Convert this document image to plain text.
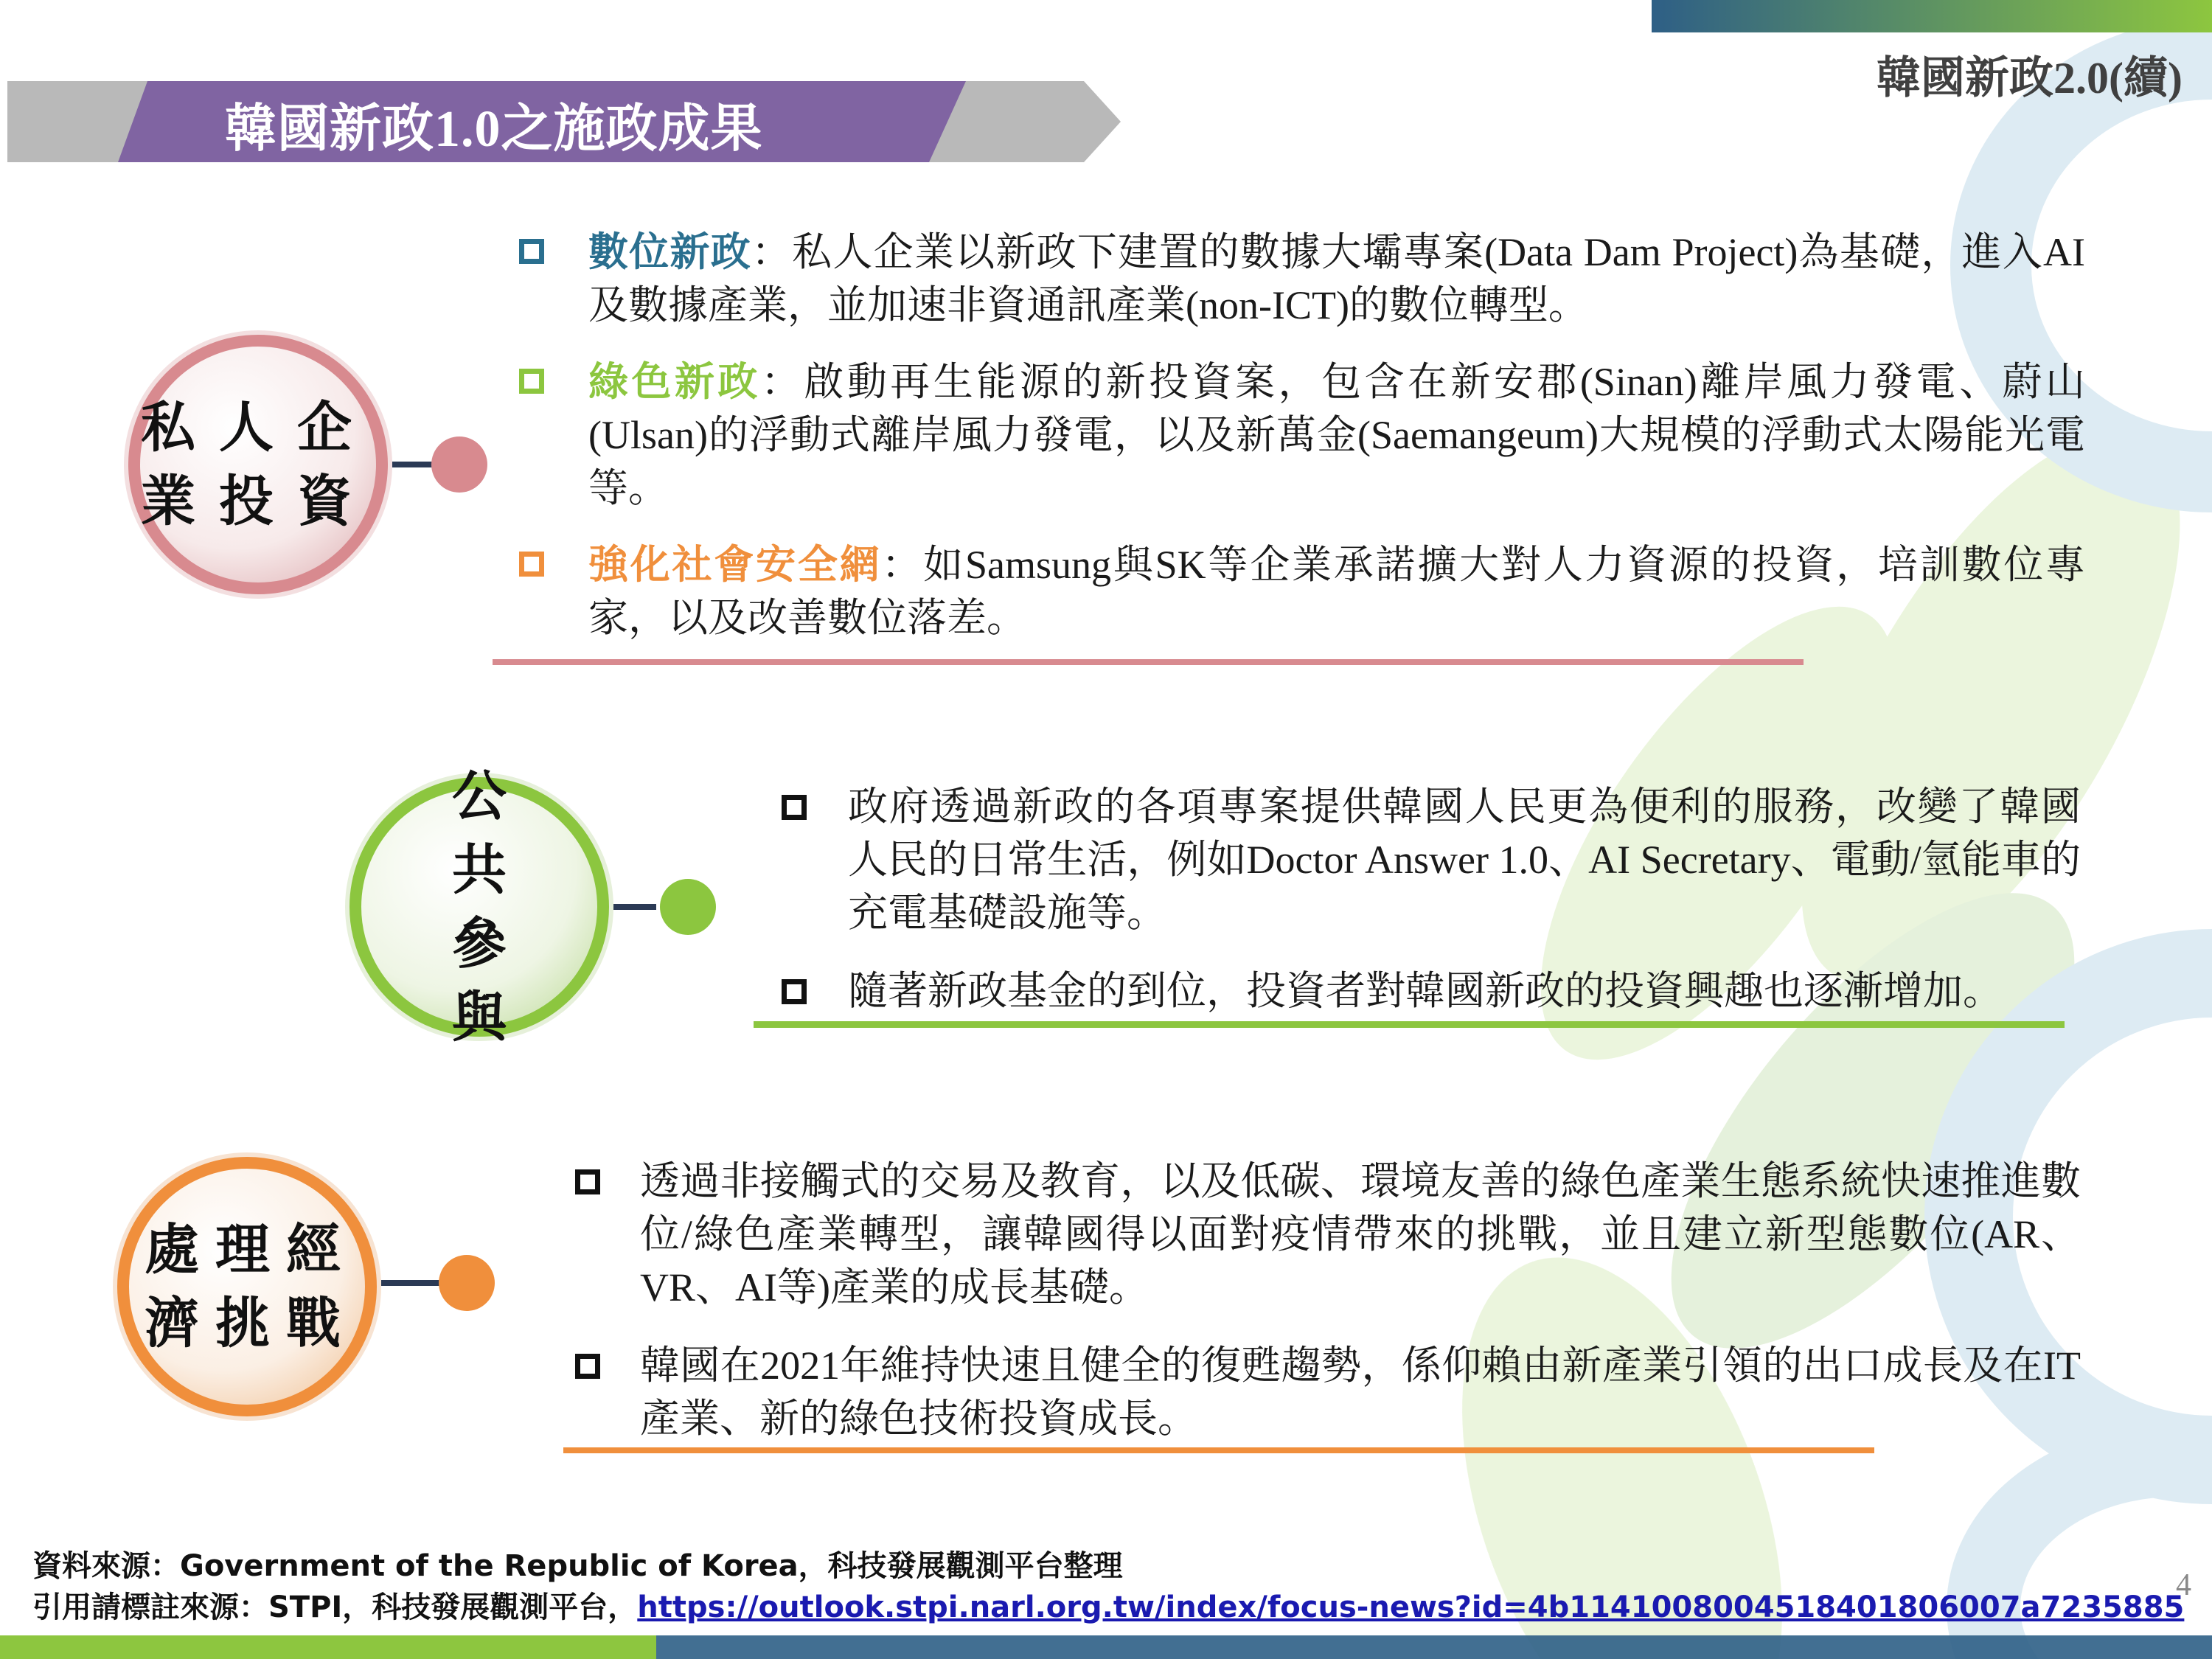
韓國新政2.0(續)
韓國新政1.0之施政成果
私人企
業投資
數位新政：私人企業以新政下建置的數據大壩專案(Data Dam Project)為基礎，進入AI及數據產業，並加速非資通訊產業(non-ICT)的數位轉型。
綠色新政：啟動再生能源的新投資案，包含在新安郡(Sinan)離岸風力發電、蔚山(Ulsan)的浮動式離岸風力發電，以及新萬金(Saemangeum)大規模的浮動式太陽能光電等。
強化社會安全網：如Samsung與SK等企業承諾擴大對人力資源的投資，培訓數位專家，以及改善數位落差。
公共
參與
政府透過新政的各項專案提供韓國人民更為便利的服務，改變了韓國人民的日常生活，例如Doctor Answer 1.0、AI Secretary、電動/氫能車的充電基礎設施等。
隨著新政基金的到位，投資者對韓國新政的投資興趣也逐漸增加。
處理經
濟挑戰
透過非接觸式的交易及教育，以及低碳、環境友善的綠色產業生態系統快速推進數位/綠色產業轉型，讓韓國得以面對疫情帶來的挑戰，並且建立新型態數位(AR、VR、AI等)產業的成長基礎。
韓國在2021年維持快速且健全的復甦趨勢，係仰賴由新產業引領的出口成長及在IT產業、新的綠色技術投資成長。
資料來源：Government of the Republic of Korea，科技發展觀測平台整理
引用請標註來源：STPI，科技發展觀測平台，https://outlook.stpi.narl.org.tw/index/focus-news?id=4b1141008004518401806007a7235885
4
